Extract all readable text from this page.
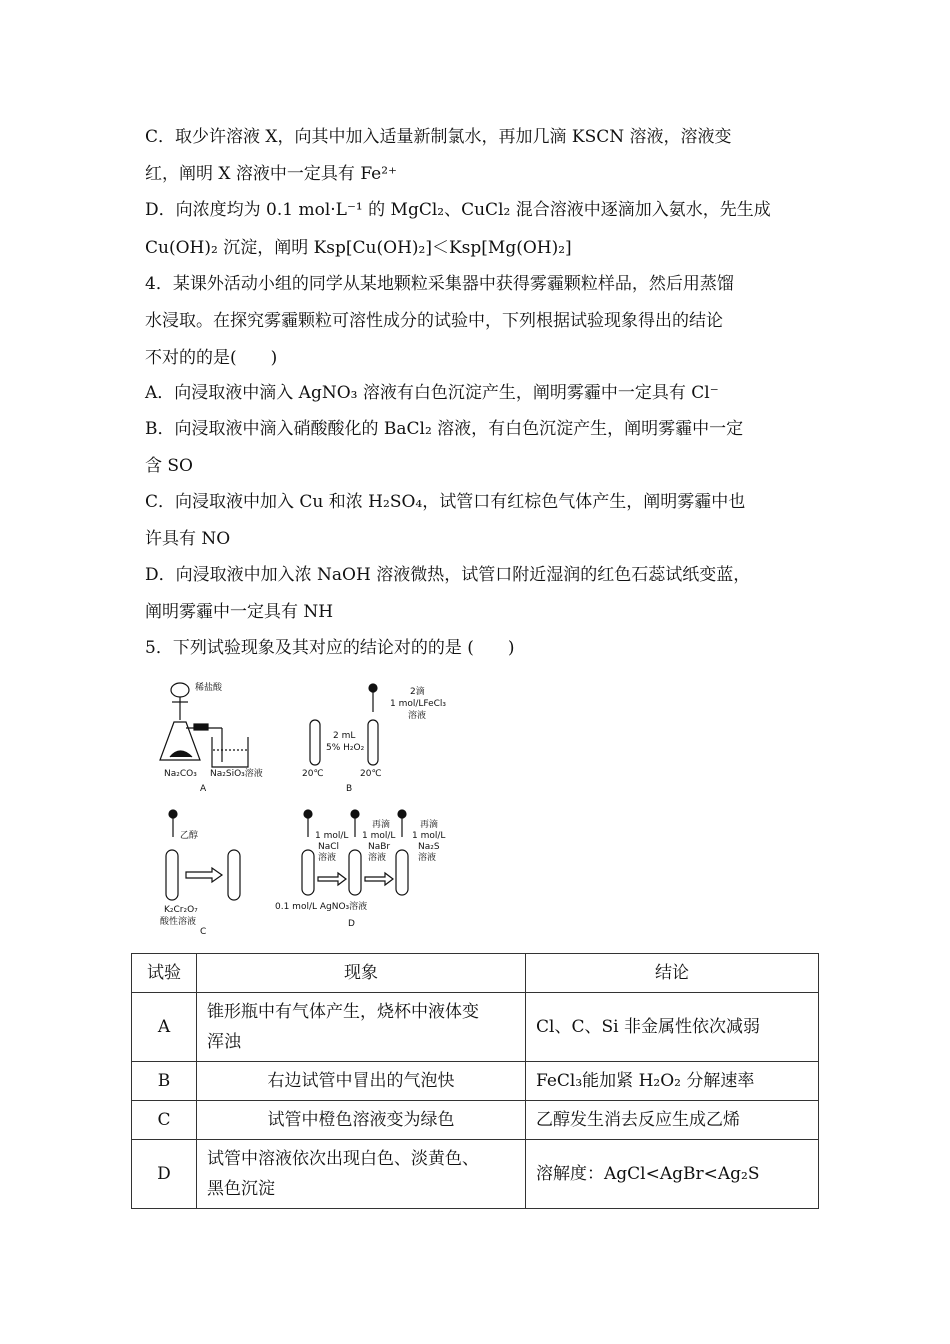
C．取少许溶液 X，向其中加入适量新制氯水，再加几滴 KSCN 溶液，溶液变
红，阐明 X 溶液中一定具有 Fe²⁺
D．向浓度均为 0.1 mol·L⁻¹ 的 MgCl₂、CuCl₂ 混合溶液中逐滴加入氨水，先生成
Cu(OH)₂ 沉淀，阐明 Ksp[Cu(OH)₂]＜Ksp[Mg(OH)₂]
4．某课外活动小组的同学从某地颗粒采集器中获得雾霾颗粒样品，然后用蒸馏
水浸取。在探究雾霾颗粒可溶性成分的试验中，下列根据试验现象得出的结论
不对的的是(　　)
A．向浸取液中滴入 AgNO₃ 溶液有白色沉淀产生，阐明雾霾中一定具有 Cl⁻
B．向浸取液中滴入硝酸酸化的 BaCl₂ 溶液，有白色沉淀产生，阐明雾霾中一定
含 SO
C．向浸取液中加入 Cu 和浓 H₂SO₄，试管口有红棕色气体产生，阐明雾霾中也
许具有 NO
D．向浸取液中加入浓 NaOH 溶液微热，试管口附近湿润的红色石蕊试纸变蓝，
阐明雾霾中一定具有 NH
5．下列试验现象及其对应的结论对的的是 (　　)
稀盐酸
Na₂CO₃ Na₂SiO₃溶液
A
2滴
1 mol/LFeCl₃
溶液
2 mL
5% H₂O₂
20℃	20℃
B
乙醇
K₂Cr₂O₇
酸性溶液
C
1 mol/L
NaCl
溶液
再滴
1 mol/L
NaBr
溶液
再滴
1 mol/L
Na₂S
溶液
0.1 mol/L AgNO₃溶液
D
试验	现象	结论
A	锥形瓶中有气体产生，烧杯中液体变
浑浊	Cl、C、Si 非金属性依次减弱
B	右边试管中冒出的气泡快	FeCl₃能加紧 H₂O₂ 分解速率
C	试管中橙色溶液变为绿色	乙醇发生消去反应生成乙烯
D	试管中溶液依次出现白色、淡黄色、
黑色沉淀	溶解度：AgCl<AgBr<Ag₂S
